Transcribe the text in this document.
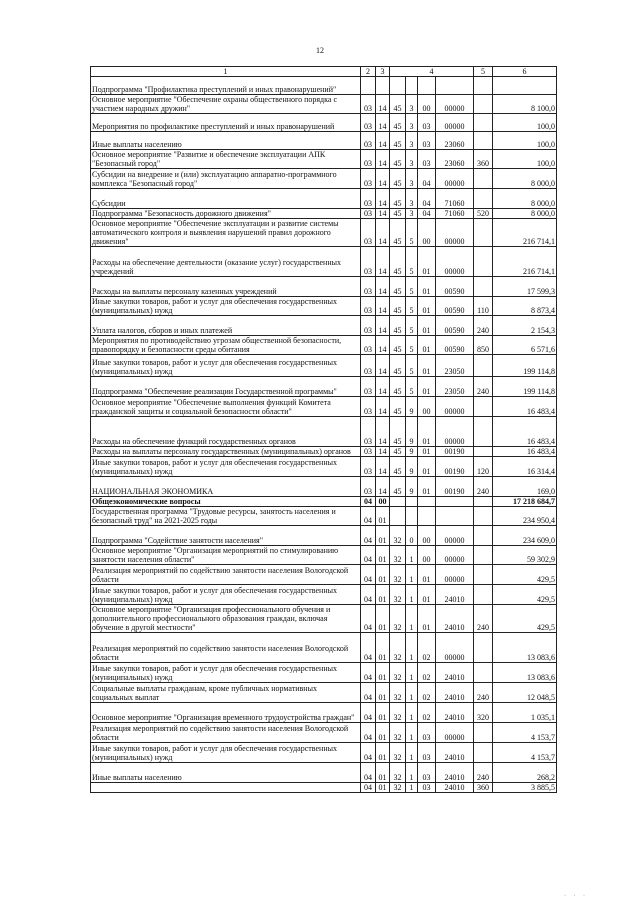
12
1	2	3	4				5	6
Подпрограмма "Профилактика преступлений и иных правонарушений"								
Основное мероприятие "Обеспечение охраны общественного порядка с участием народных дружин"	03	14	45	3	00	00000		8 100,0
Мероприятия по профилактике преступлений и иных правонарушений	03	14	45	3	03	00000		100,0
Иные выплаты населению	03	14	45	3	03	23060		100,0
Основное мероприятие "Развитие и обеспечение эксплуатации АПК "Безопасный город"	03	14	45	3	03	23060	360	100,0
Субсидии на внедрение и (или) эксплуатацию аппаратно-программного комплекса "Безопасный город"	03	14	45	3	04	00000		8 000,0
Субсидии	03	14	45	3	04	71060		8 000,0
Подпрограмма "Безопасность дорожного движения"	03	14	45	3	04	71060	520	8 000,0
Основное мероприятие "Обеспечение эксплуатации и развитие системы автоматического контроля и выявления нарушений правил дорожного движения"	03	14	45	5	00	00000		216 714,1
Расходы на обеспечение деятельности (оказание услуг) государственных учреждений	03	14	45	5	01	00000		216 714,1
Расходы на выплаты персоналу казенных учреждений	03	14	45	5	01	00590		17 599,3
Иные закупки товаров, работ и услуг для обеспечения государственных (муниципальных) нужд	03	14	45	5	01	00590	110	8 873,4
Уплата налогов, сборов и иных платежей	03	14	45	5	01	00590	240	2 154,3
Мероприятия по противодействию угрозам общественной безопасности, правопорядку и безопасности среды обитания	03	14	45	5	01	00590	850	6 571,6
Иные закупки товаров, работ и услуг для обеспечения государственных (муниципальных) нужд	03	14	45	5	01	23050		199 114,8
Подпрограмма "Обеспечение реализации Государственной программы"	03	14	45	5	01	23050	240	199 114,8
Основное мероприятие "Обеспечение выполнения функций Комитета гражданской защиты и социальной безопасности области"	03	14	45	9	00	00000		16 483,4
Расходы на обеспечение функций государственных органов	03	14	45	9	01	00000		16 483,4
Расходы на выплаты персоналу государственных (муниципальных) органов	03	14	45	9	01	00190		16 483,4
Иные закупки товаров, работ и услуг для обеспечения государственных (муниципальных) нужд	03	14	45	9	01	00190	120	16 314,4
НАЦИОНАЛЬНАЯ ЭКОНОМИКА	03	14	45	9	01	00190	240	169,0
Общеэкономические вопросы	04	00						17 218 684,7
Государственная программа "Трудовые ресурсы, занятость населения и безопасный труд" на 2021-2025 годы	04	01						234 950,4
Подпрограмма "Содействие занятости населения"	04	01	32	0	00	00000		234 609,0
Основное мероприятие "Организация мероприятий по стимулированию занятости населения области"	04	01	32	1	00	00000		59 302,9
Реализация мероприятий по содействию занятости населения Вологодской области	04	01	32	1	01	00000		429,5
Иные закупки товаров, работ и услуг для обеспечения государственных (муниципальных) нужд	04	01	32	1	01	24010		429,5
Основное мероприятие "Организация профессионального обучения и дополнительного профессионального образования граждан, включая обучение в другой местности"	04	01	32	1	01	24010	240	429,5
Реализация мероприятий по содействию занятости населения Вологодской области	04	01	32	1	02	00000		13 083,6
Иные закупки товаров, работ и услуг для обеспечения государственных (муниципальных) нужд	04	01	32	1	02	24010		13 083,6
Социальные выплаты гражданам, кроме публичных нормативных социальных выплат	04	01	32	1	02	24010	240	12 048,5
Основное мероприятие "Организация временного трудоустройства граждан"	04	01	32	1	02	24010	320	1 035,1
Реализация мероприятий по содействию занятости населения Вологодской области	04	01	32	1	03	00000		4 153,7
Иные закупки товаров, работ и услуг для обеспечения государственных (муниципальных) нужд	04	01	32	1	03	24010		4 153,7
Иные выплаты населению	04	01	32	1	03	24010	240	268,2
	04	01	32	1	03	24010	360	3 885,5
· · ·
